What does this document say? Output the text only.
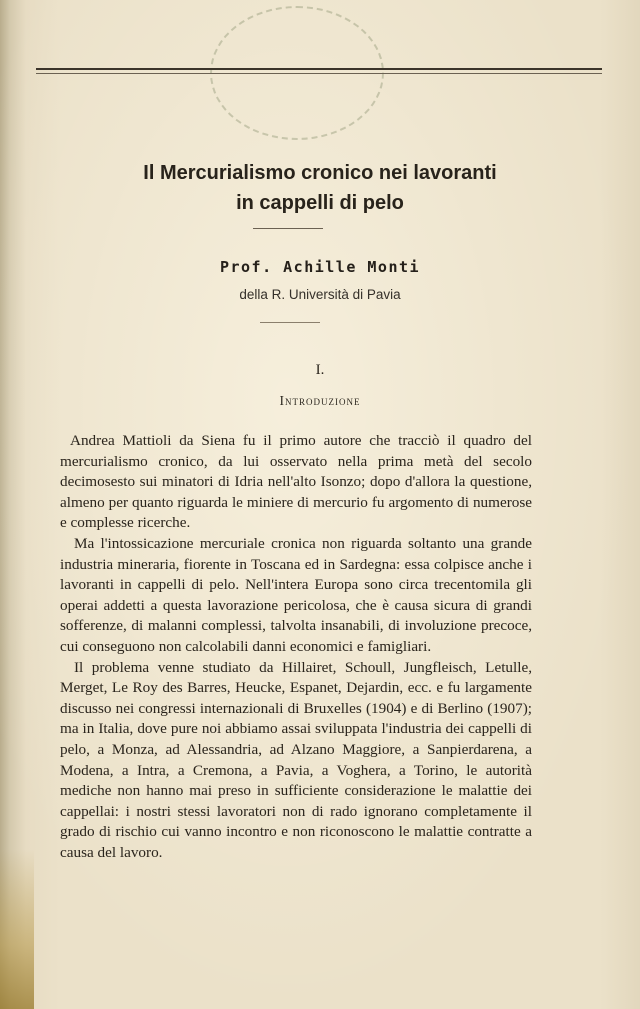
Il Mercurialismo cronico nei lavoranti
in cappelli di pelo
Prof. Achille Monti
della R. Università di Pavia
I.
Introduzione

Andrea Mattioli da Siena fu il primo autore che tracciò il quadro del mercurialismo cronico, da lui osservato nella prima metà del secolo decimosesto sui minatori di Idria nell'alto Isonzo; dopo d'allora la questione, almeno per quanto riguarda le miniere di mercurio fu argomento di numerose e complesse ricerche.

Ma l'intossicazione mercuriale cronica non riguarda soltanto una grande industria mineraria, fiorente in Toscana ed in Sardegna: essa colpisce anche i lavoranti in cappelli di pelo. Nell'intera Europa sono circa trecentomila gli operai addetti a questa lavorazione pericolosa, che è causa sicura di grandi sofferenze, di malanni complessi, talvolta insanabili, di involuzione precoce, cui conseguono non calcolabili danni economici e famigliari.

Il problema venne studiato da Hillairet, Schoull, Jungfleisch, Letulle, Merget, Le Roy des Barres, Heucke, Espanet, Dejardin, ecc. e fu largamente discusso nei congressi internazionali di Bruxelles (1904) e di Berlino (1907); ma in Italia, dove pure noi abbiamo assai sviluppata l'industria dei cappelli di pelo, a Monza, ad Alessandria, ad Alzano Maggiore, a Sanpierdarena, a Modena, a Intra, a Cremona, a Pavia, a Voghera, a Torino, le autorità mediche non hanno mai preso in sufficiente considerazione le malattie dei cappellai: i nostri stessi lavoratori non di rado ignorano completamente il grado di rischio cui vanno incontro e non riconoscono le malattie contratte a causa del lavoro.
